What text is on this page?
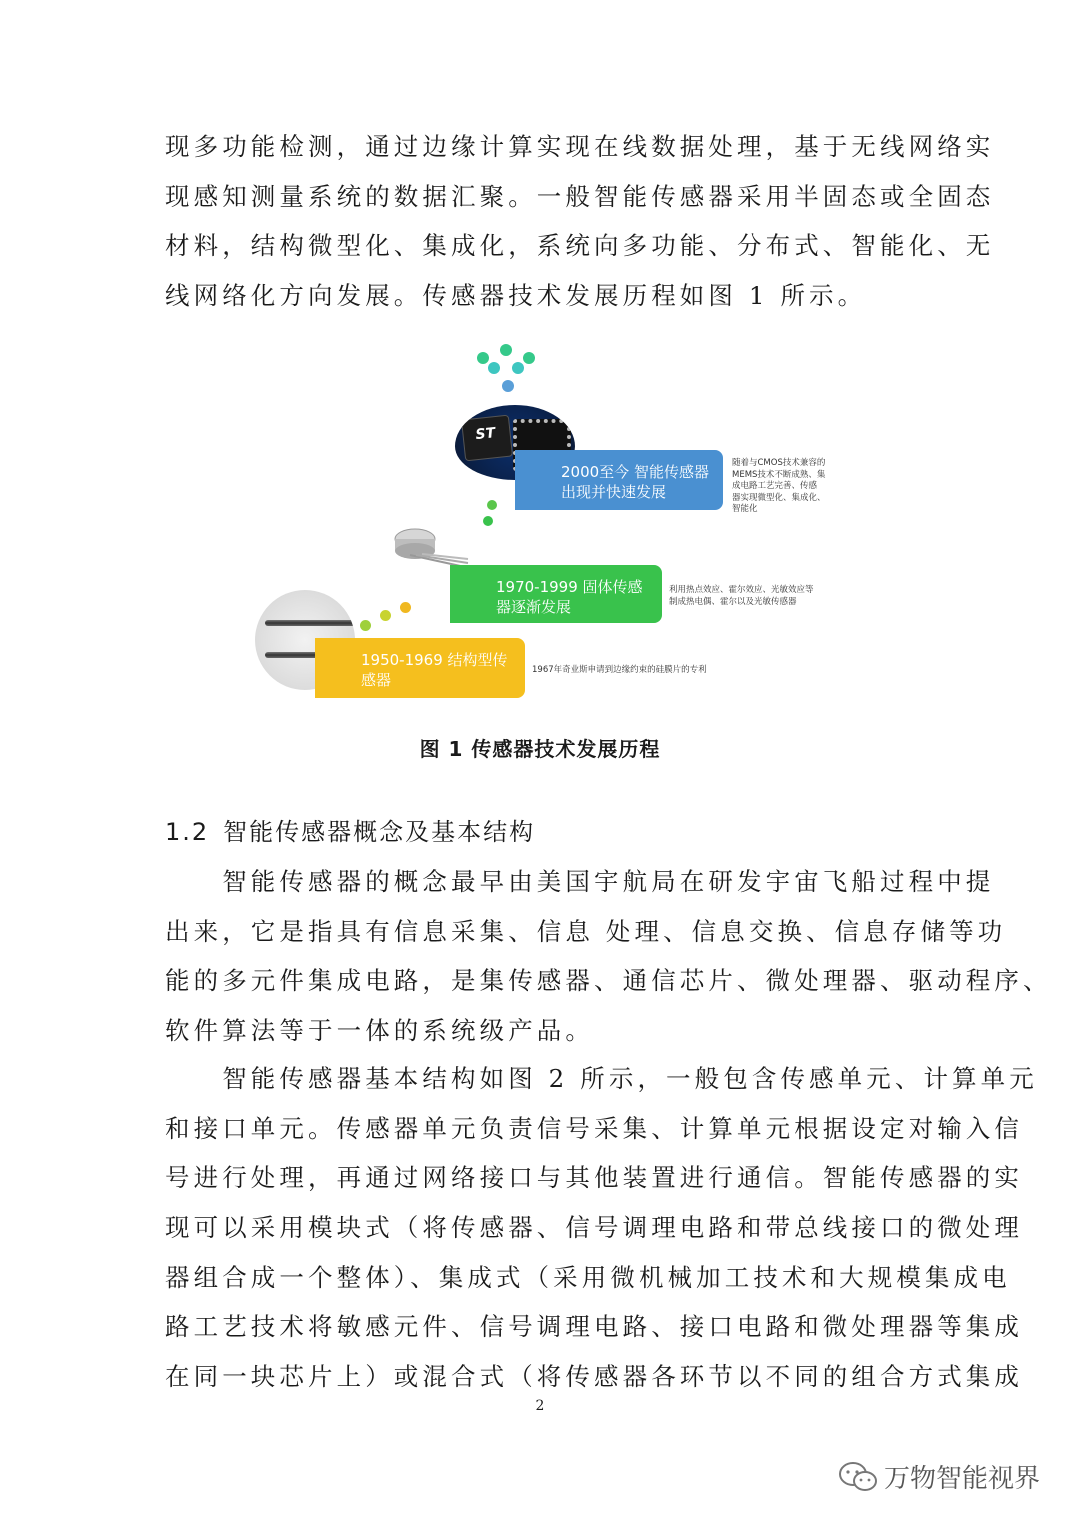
现多功能检测，通过边缘计算实现在线数据处理，基于无线网络实
现感知测量系统的数据汇聚。一般智能传感器采用半固态或全固态
材料，结构微型化、集成化，系统向多功能、分布式、智能化、无
线网络化方向发展。传感器技术发展历程如图 1 所示。
ST
2000至今 智能传感器出现并快速发展
随着与CMOS技术兼容的
MEMS技术不断成熟、集
成电路工艺完善、传感
器实现微型化、集成化、
智能化
1970-1999 固体传感器逐渐发展
利用热点效应、霍尔效应、光敏效应等
制成热电偶、霍尔以及光敏传感器
1950-1969 结构型传感器
1967年奇业斯申请到边缘约束的硅膜片的专利
图 1 传感器技术发展历程
1.2 智能传感器概念及基本结构
　　智能传感器的概念最早由美国宇航局在研发宇宙飞船过程中提
出来，它是指具有信息采集、信息 处理、信息交换、信息存储等功
能的多元件集成电路，是集传感器、通信芯片、微处理器、驱动程序、
软件算法等于一体的系统级产品。
　　智能传感器基本结构如图 2 所示，一般包含传感单元、计算单元
和接口单元。传感器单元负责信号采集、计算单元根据设定对输入信
号进行处理，再通过网络接口与其他装置进行通信。智能传感器的实
现可以采用模块式（将传感器、信号调理电路和带总线接口的微处理
器组合成一个整体）、集成式（采用微机械加工技术和大规模集成电
路工艺技术将敏感元件、信号调理电路、接口电路和微处理器等集成
在同一块芯片上）或混合式（将传感器各环节以不同的组合方式集成
2
万物智能视界
